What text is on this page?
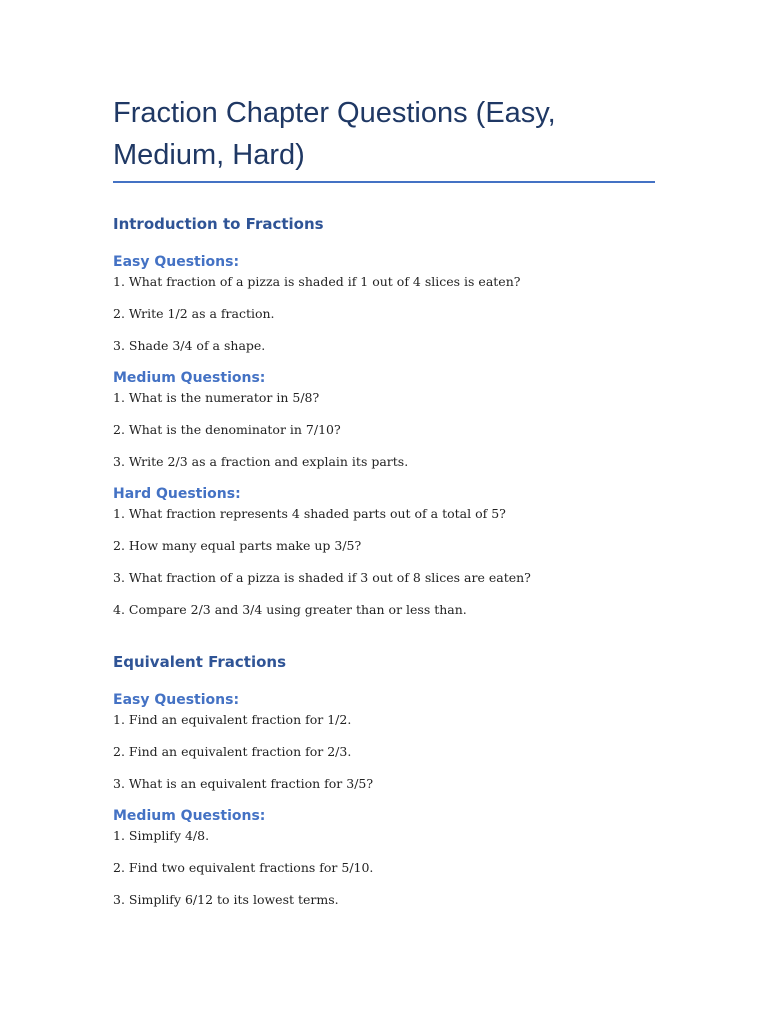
Fraction Chapter Questions (Easy, Medium, Hard)
Introduction to Fractions
Easy Questions:

1. What fraction of a pizza is shaded if 1 out of 4 slices is eaten?

2. Write 1/2 as a fraction.

3. Shade 3/4 of a shape.

Medium Questions:

1. What is the numerator in 5/8?

2. What is the denominator in 7/10?

3. Write 2/3 as a fraction and explain its parts.

Hard Questions:

1. What fraction represents 4 shaded parts out of a total of 5?

2. How many equal parts make up 3/5?

3. What fraction of a pizza is shaded if 3 out of 8 slices are eaten?

4. Compare 2/3 and 3/4 using greater than or less than.

Equivalent Fractions
Easy Questions:

1. Find an equivalent fraction for 1/2.

2. Find an equivalent fraction for 2/3.

3. What is an equivalent fraction for 3/5?

Medium Questions:

1. Simplify 4/8.

2. Find two equivalent fractions for 5/10.

3. Simplify 6/12 to its lowest terms.
